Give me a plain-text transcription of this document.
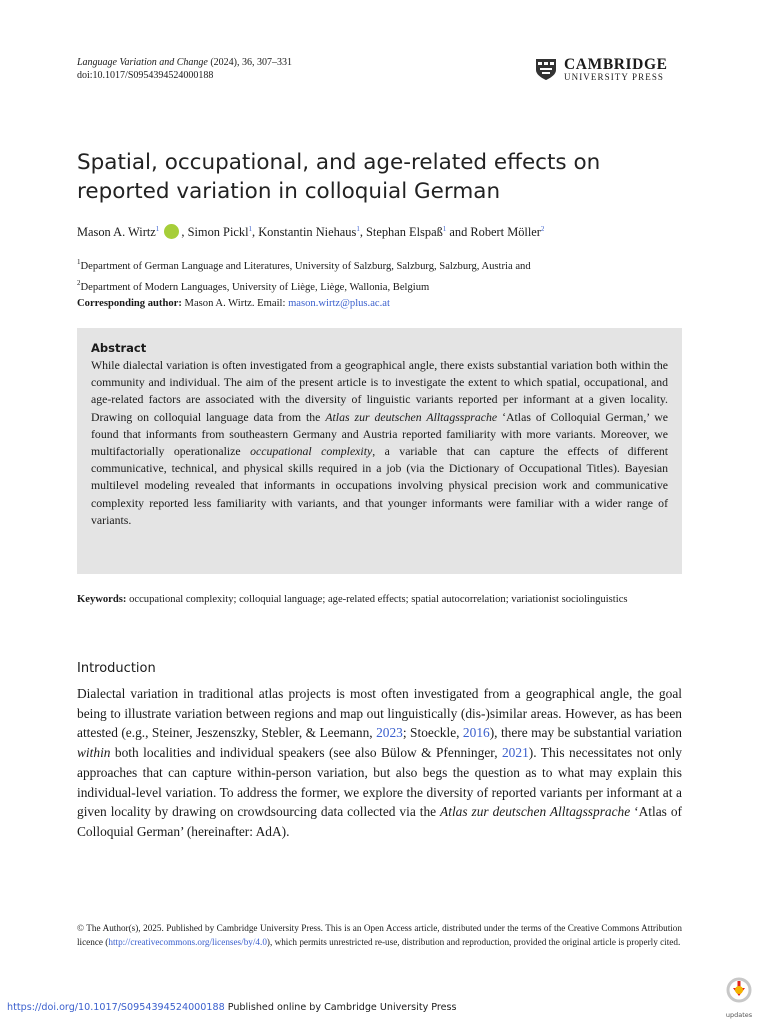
Language Variation and Change (2024), 36, 307–331
doi:10.1017/S0954394524000188
CAMBRIDGE
UNIVERSITY PRESS
Spatial, occupational, and age-related effects on reported variation in colloquial German
Mason A. Wirtz$^1$ , Simon Pickl$^1$, Konstantin Niehaus$^1$, Stephan Elspaß$^1$ and Robert Möller$^2$
$^1$Department of German Language and Literatures, University of Salzburg, Salzburg, Salzburg, Austria and
$^2$Department of Modern Languages, University of Liège, Liège, Wallonia, Belgium
Corresponding author: Mason A. Wirtz. Email: mason.wirtz@plus.ac.at
Abstract
While dialectal variation is often investigated from a geographical angle, there exists substantial variation both within the community and individual. The aim of the present article is to investigate the extent to which spatial, occupational, and age-related factors are associated with the diversity of linguistic variants reported per informant at a given locality. Drawing on colloquial language data from the Atlas zur deutschen Alltagssprache ‘Atlas of Colloquial German,’ we found that informants from southeastern Germany and Austria reported familiarity with more variants. Moreover, we multifactorially operationalize occupational complexity, a variable that can capture the effects of different communicative, technical, and physical skills required in a job (via the Dictionary of Occupational Titles). Bayesian multilevel modeling revealed that informants in occupations involving physical precision work and communicative complexity reported less familiarity with variants, and that younger informants were familiar with a wider range of variants.
Keywords: occupational complexity; colloquial language; age-related effects; spatial autocorrelation; variationist sociolinguistics
Introduction
Dialectal variation in traditional atlas projects is most often investigated from a geographical angle, the goal being to illustrate variation between regions and map out linguistically (dis-)similar areas. However, as has been attested (e.g., Steiner, Jeszenszky, Stebler, & Leemann, 2023; Stoeckle, 2016), there may be substantial variation within both localities and individual speakers (see also Bülow & Pfenninger, 2021). This necessitates not only approaches that can capture within-person variation, but also begs the question as to what may explain this individual-level variation. To address the former, we explore the diversity of reported variants per informant at a given locality by drawing on crowdsourcing data collected via the Atlas zur deutschen Alltagssprache ‘Atlas of Colloquial German’ (hereinafter: AdA).
© The Author(s), 2025. Published by Cambridge University Press. This is an Open Access article, distributed under the terms of the Creative Commons Attribution licence (http://creativecommons.org/licenses/by/4.0), which permits unrestricted re-use, distribution and reproduction, provided the original article is properly cited.
https://doi.org/10.1017/S0954394524000188 Published online by Cambridge University Press
updates
